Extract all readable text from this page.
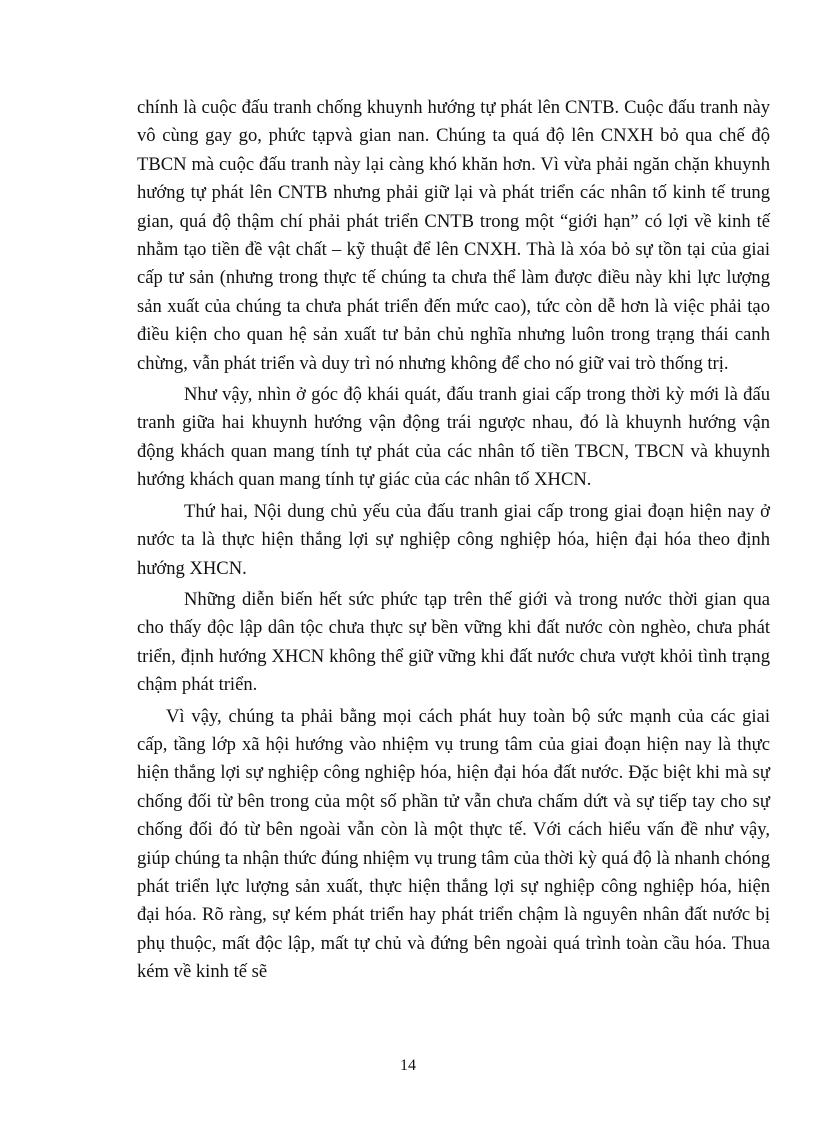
chính là cuộc đấu tranh chống khuynh hướng tự phát lên CNTB. Cuộc đấu tranh này vô cùng gay go, phức tạpvà gian nan. Chúng ta quá độ lên CNXH bỏ qua chế độ TBCN mà cuộc đấu tranh này lại càng khó khăn hơn. Vì vừa phải ngăn chặn khuynh hướng tự phát lên CNTB nhưng phải giữ lại và phát triển các nhân tố kinh tế trung gian, quá độ thậm chí phải phát triển CNTB trong một “giới hạn” có lợi về kinh tế nhằm tạo tiền đề vật chất – kỹ thuật để lên CNXH. Thà là xóa bỏ sự tồn tại của giai cấp tư sản (nhưng trong thực tế chúng ta chưa thể làm được điều này khi lực lượng sản xuất của chúng ta chưa phát triển đến mức cao), tức còn dễ hơn là việc phải tạo điều kiện cho quan hệ sản xuất tư bản chủ nghĩa nhưng luôn trong trạng thái canh chừng, vẫn phát triển và duy trì nó nhưng không để cho nó giữ vai trò thống trị.

Như vậy, nhìn ở góc độ khái quát, đấu tranh giai cấp trong thời kỳ mới là đấu tranh giữa hai khuynh hướng vận động trái ngược nhau, đó là khuynh hướng vận động khách quan mang tính tự phát của các nhân tố tiền TBCN, TBCN và khuynh hướng khách quan mang tính tự giác của các nhân tố XHCN.

Thứ hai, Nội dung chủ yếu của đấu tranh giai cấp trong giai đoạn hiện nay ở nước ta là thực hiện thắng lợi sự nghiệp công nghiệp hóa, hiện đại hóa theo định hướng XHCN.

Những diễn biến hết sức phức tạp trên thế giới và trong nước thời gian qua cho thấy độc lập dân tộc chưa thực sự bền vững khi đất nước còn nghèo, chưa phát triển, định hướng XHCN không thể giữ vững khi đất nước chưa vượt khỏi tình trạng chậm phát triển.

Vì vậy, chúng ta phải bằng mọi cách phát huy toàn bộ sức mạnh của các giai cấp, tầng lớp xã hội hướng vào nhiệm vụ trung tâm của giai đoạn hiện nay là thực hiện thắng lợi sự nghiệp công nghiệp hóa, hiện đại hóa đất nước. Đặc biệt khi mà sự chống đối từ bên trong của một số phần tử vẫn chưa chấm dứt và sự tiếp tay cho sự chống đối đó từ bên ngoài vẫn còn là một thực tế. Với cách hiểu vấn đề như vậy, giúp chúng ta nhận thức đúng nhiệm vụ trung tâm của thời kỳ quá độ là nhanh chóng phát triển lực lượng sản xuất, thực hiện thắng lợi sự nghiệp công nghiệp hóa, hiện đại hóa. Rõ ràng, sự kém phát triển hay phát triển chậm là nguyên nhân đất nước bị phụ thuộc, mất độc lập, mất tự chủ và đứng bên ngoài quá trình toàn cầu hóa. Thua kém về kinh tế sẽ

14
